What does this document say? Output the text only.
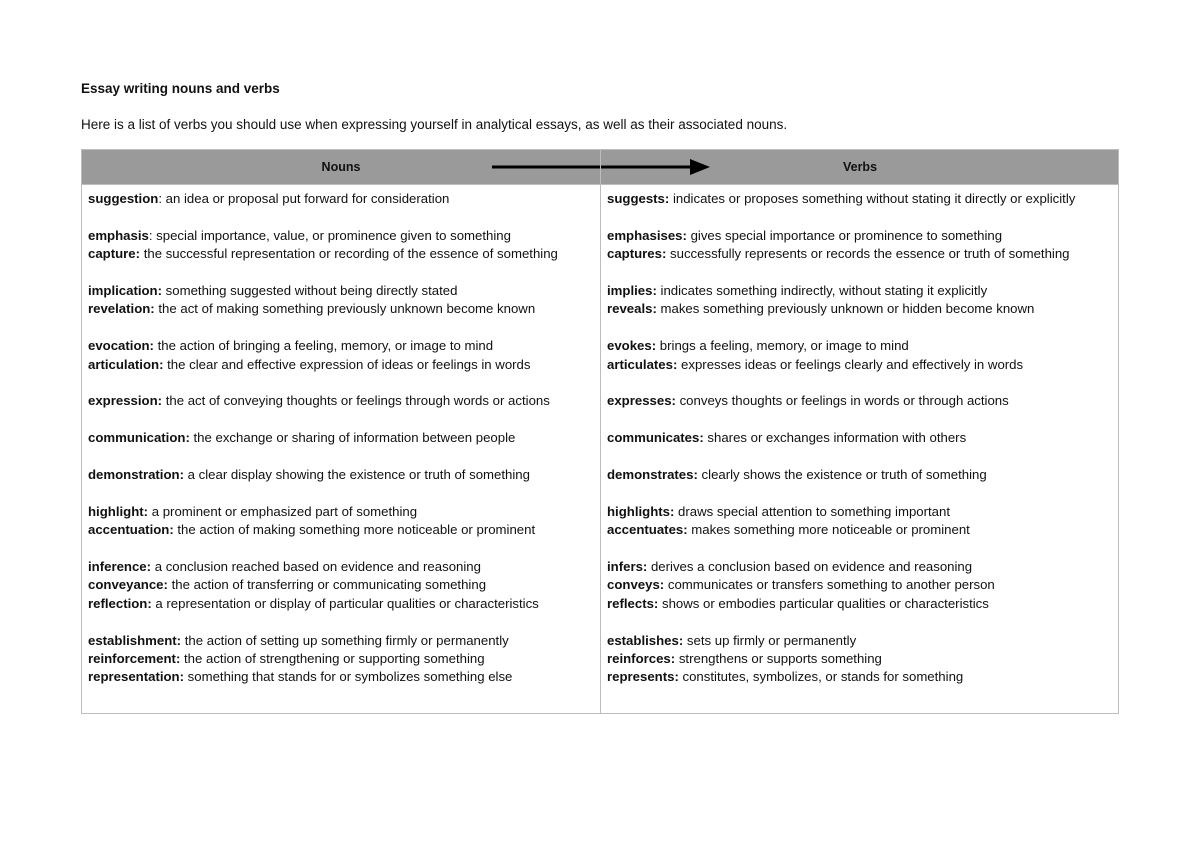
Essay writing nouns and verbs

Here is a list of verbs you should use when expressing yourself in analytical essays, as well as their associated nouns.

Nouns	Verbs
suggestion: an idea or proposal put forward for consideration
emphasis: special importance, value, or prominence given to something
capture: the successful representation or recording of the essence of something
implication: something suggested without being directly stated
revelation: the act of making something previously unknown become known
evocation: the action of bringing a feeling, memory, or image to mind
articulation: the clear and effective expression of ideas or feelings in words
expression: the act of conveying thoughts or feelings through words or actions
communication: the exchange or sharing of information between people
demonstration: a clear display showing the existence or truth of something
highlight: a prominent or emphasized part of something
accentuation: the action of making something more noticeable or prominent
inference: a conclusion reached based on evidence and reasoning
conveyance: the action of transferring or communicating something
reflection: a representation or display of particular qualities or characteristics
establishment: the action of setting up something firmly or permanently
reinforcement: the action of strengthening or supporting something
representation: something that stands for or symbolizes something else
suggests: indicates or proposes something without stating it directly or explicitly
emphasises: gives special importance or prominence to something
captures: successfully represents or records the essence or truth of something
implies: indicates something indirectly, without stating it explicitly
reveals: makes something previously unknown or hidden become known
evokes: brings a feeling, memory, or image to mind
articulates: expresses ideas or feelings clearly and effectively in words
expresses: conveys thoughts or feelings in words or through actions
communicates: shares or exchanges information with others
demonstrates: clearly shows the existence or truth of something
highlights: draws special attention to something important
accentuates: makes something more noticeable or prominent
infers: derives a conclusion based on evidence and reasoning
conveys: communicates or transfers something to another person
reflects: shows or embodies particular qualities or characteristics
establishes: sets up firmly or permanently
reinforces: strengthens or supports something
represents: constitutes, symbolizes, or stands for something
